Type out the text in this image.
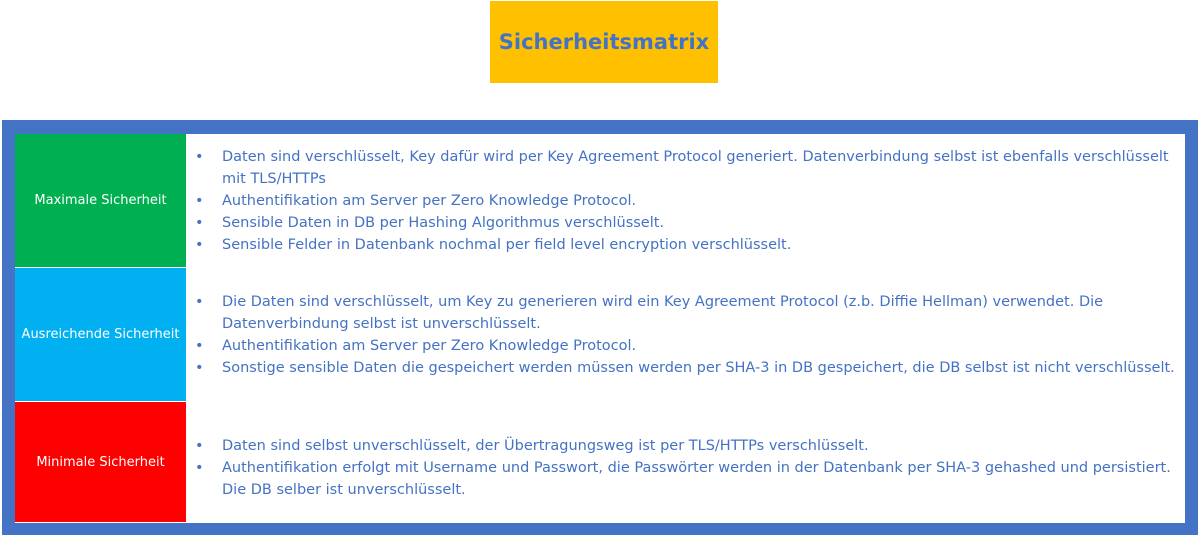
Sicherheitsmatrix
Maximale Sicherheit
• Daten sind verschlüsselt, Key dafür wird per Key Agreement Protocol generiert. Datenverbindung selbst ist ebenfalls verschlüsselt mit TLS/HTTPs
• Authentifikation am Server per Zero Knowledge Protocol.
• Sensible Daten in DB per Hashing Algorithmus verschlüsselt.
• Sensible Felder in Datenbank nochmal per field level encryption verschlüsselt.
Ausreichende Sicherheit
• Die Daten sind verschlüsselt, um Key zu generieren wird ein Key Agreement Protocol (z.b. Diffie Hellman) verwendet. Die Datenverbindung selbst ist unverschlüsselt.
• Authentifikation am Server per Zero Knowledge Protocol.
• Sonstige sensible Daten die gespeichert werden müssen werden per SHA-3 in DB gespeichert, die DB selbst ist nicht verschlüsselt.
Minimale Sicherheit
• Daten sind selbst unverschlüsselt, der Übertragungsweg ist per TLS/HTTPs verschlüsselt.
• Authentifikation erfolgt mit Username und Passwort, die Passwörter werden in der Datenbank per SHA-3 gehashed und persistiert. Die DB selber ist unverschlüsselt.
